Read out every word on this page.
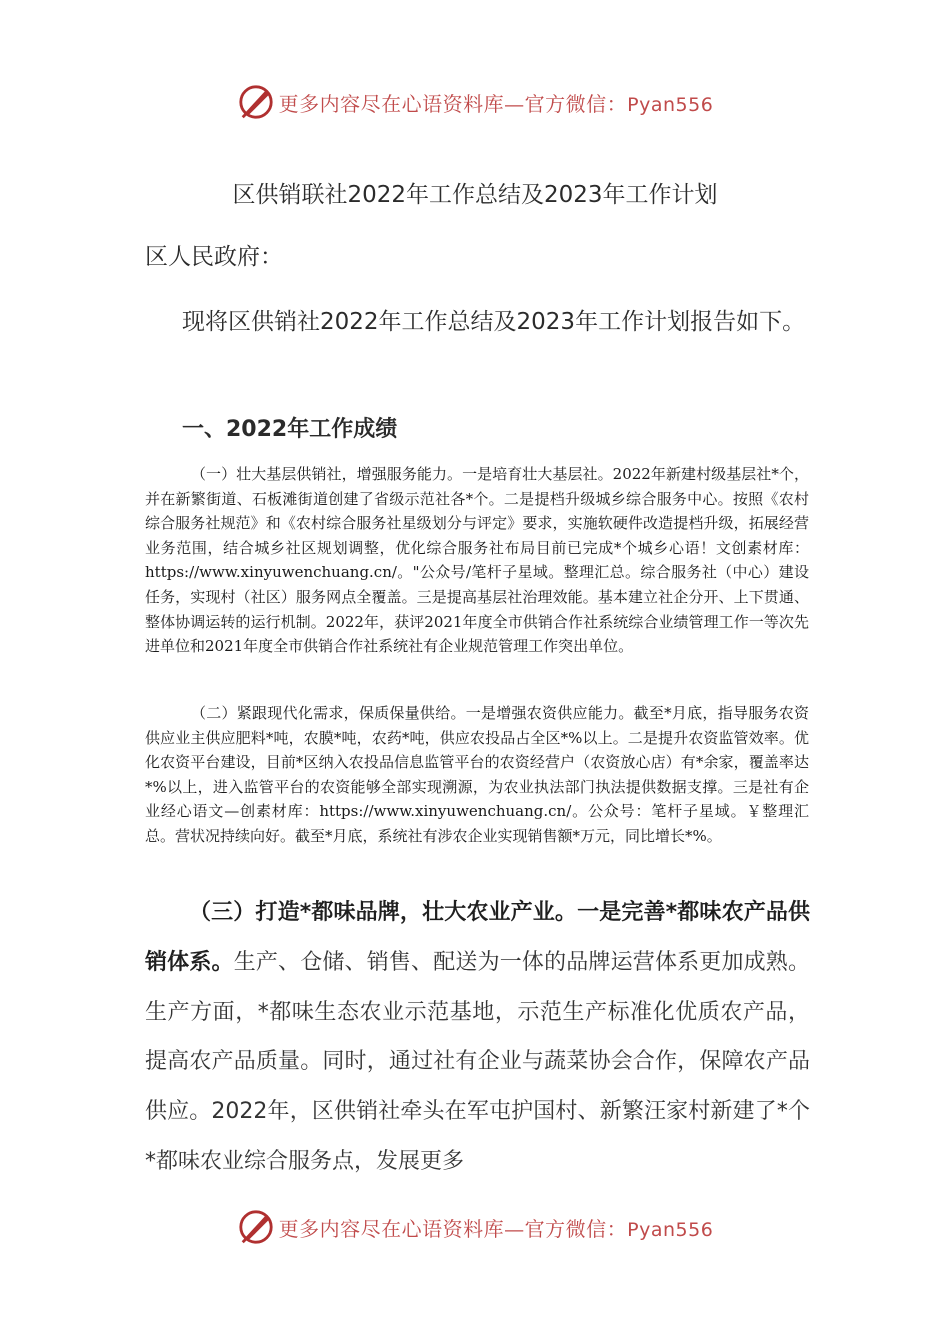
更多内容尽在心语资料库—官方微信：Pyan556
区供销联社2022年工作总结及2023年工作计划
区人民政府：

现将区供销社2022年工作总结及2023年工作计划报告如下。

一、2022年工作成绩

（一）壮大基层供销社，增强服务能力。一是培育壮大基层社。2022年新建村级基层社*个，并在新繁街道、石板滩街道创建了省级示范社各*个。二是提档升级城乡综合服务中心。按照《农村综合服务社规范》和《农村综合服务社星级划分与评定》要求，实施软硬件改造提档升级，拓展经营业务范围，结合城乡社区规划调整，优化综合服务社布局目前已完成*个城乡心语！文创素材库：https://www.xinyuwenchuang.cn/。"公众号/笔杆子星域。整理汇总。综合服务社（中心）建设任务，实现村（社区）服务网点全覆盖。三是提高基层社治理效能。基本建立社企分开、上下贯通、整体协调运转的运行机制。2022年，获评2021年度全市供销合作社系统综合业绩管理工作一等次先进单位和2021年度全市供销合作社系统社有企业规范管理工作突出单位。

（二）紧跟现代化需求，保质保量供给。一是增强农资供应能力。截至*月底，指导服务农资供应业主供应肥料*吨，农膜*吨，农药*吨，供应农投品占全区*%以上。二是提升农资监管效率。优化农资平台建设，目前*区纳入农投品信息监管平台的农资经营户（农资放心店）有*余家，覆盖率达*%以上，进入监管平台的农资能够全部实现溯源，为农业执法部门执法提供数据支撑。三是社有企业经心语文—创素材库：https://www.xinyuwenchuang.cn/。公众号：笔杆子星域。￥整理汇总。营状况持续向好。截至*月底，系统社有涉农企业实现销售额*万元，同比增长*%。

（三）打造*都味品牌，壮大农业产业。一是完善*都味农产品供销体系。生产、仓储、销售、配送为一体的品牌运营体系更加成熟。生产方面，*都味生态农业示范基地，示范生产标准化优质农产品，提高农产品质量。同时，通过社有企业与蔬菜协会合作，保障农产品供应。2022年，区供销社牵头在军屯护国村、新繁汪家村新建了*个*都味农业综合服务点，发展更多

更多内容尽在心语资料库—官方微信：Pyan556
